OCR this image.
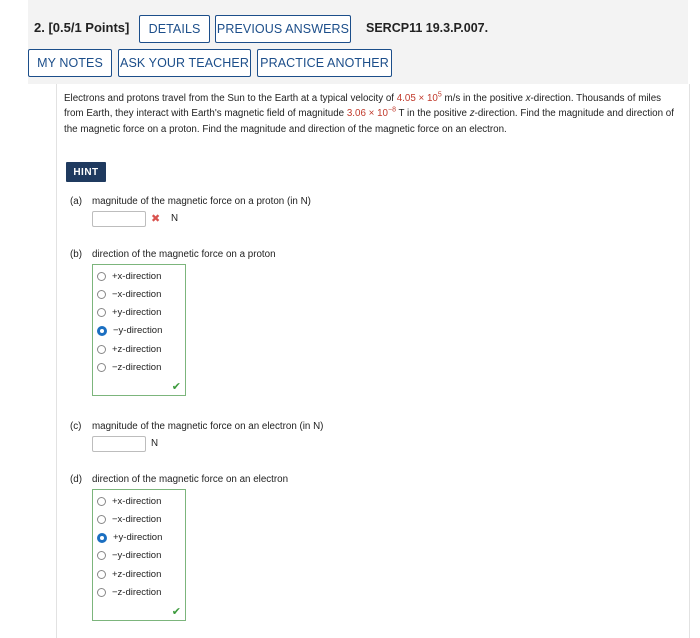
2. [0.5/1 Points]	DETAILS	PREVIOUS ANSWERS SERCP11 19.3.P.007.
MY NOTES	ASK YOUR TEACHER PRACTICE ANOTHER
Electrons and protons travel from the Sun to the Earth at a typical velocity of $4.05 \times 10^5$ m/s in the positive x-direction. Thousands of miles from Earth, they interact with Earth's magnetic field of magnitude $3.06 \times 10^{-8}$ T in the positive z-direction. Find the magnitude and direction of the magnetic force on a proton. Find the magnitude and direction of the magnetic force on an electron.
HINT
(a) magnitude of the magnetic force on a proton (in N)
✖ N
(b) direction of the magnetic force on a proton
✔
+x-direction
−x-direction
+y-direction
−y-direction
+z-direction
−z-direction
(c) magnitude of the magnetic force on an electron (in N)
N
(d) direction of the magnetic force on an electron
✔
+x-direction
−x-direction
+y-direction
−y-direction
+z-direction
−z-direction
